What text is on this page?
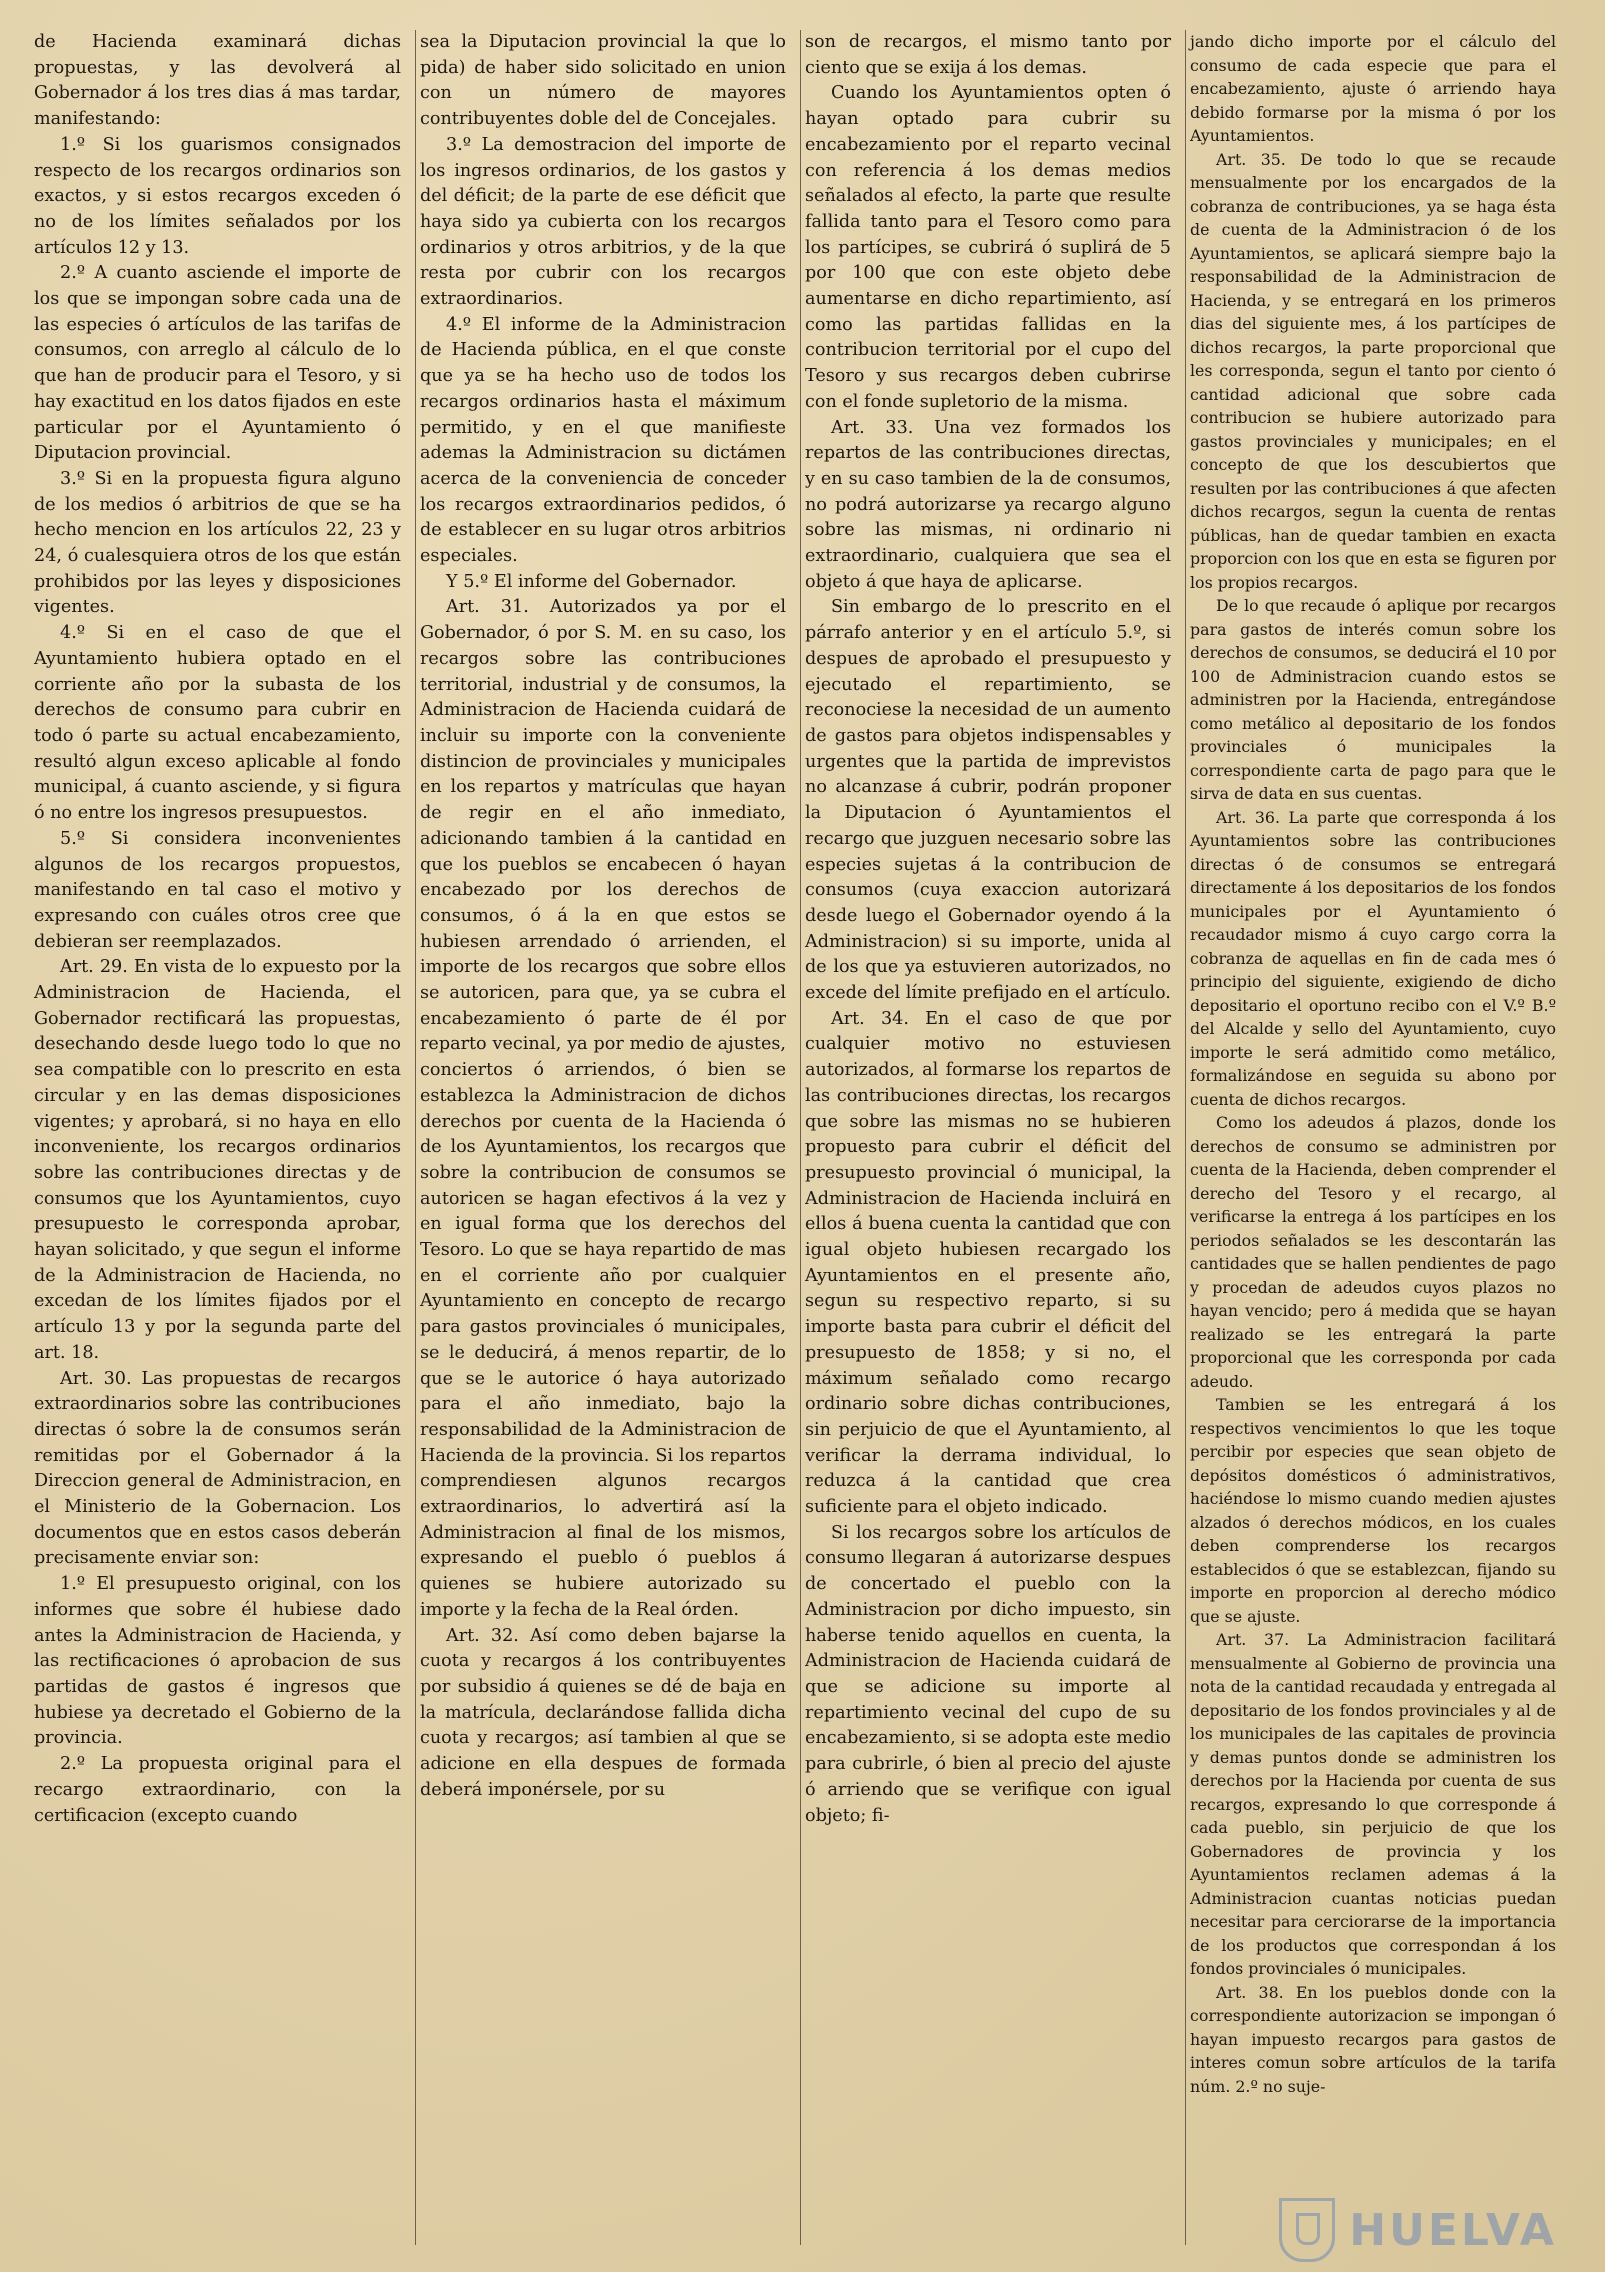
de Hacienda examinará dichas propuestas, y las devolverá al Gobernador á los tres dias á mas tardar, manifestando:

1.º Si los guarismos consignados respecto de los recargos ordinarios son exactos, y si estos recargos exceden ó no de los límites señalados por los artículos 12 y 13.

2.º A cuanto asciende el importe de los que se impongan sobre cada una de las especies ó artículos de las tarifas de consumos, con arreglo al cálculo de lo que han de producir para el Tesoro, y si hay exactitud en los datos fijados en este particular por el Ayuntamiento ó Diputacion provincial.

3.º Si en la propuesta figura alguno de los medios ó arbitrios de que se ha hecho mencion en los artículos 22, 23 y 24, ó cualesquiera otros de los que están prohibidos por las leyes y disposiciones vigentes.

4.º Si en el caso de que el Ayuntamiento hubiera optado en el corriente año por la subasta de los derechos de consumo para cubrir en todo ó parte su actual encabezamiento, resultó algun exceso aplicable al fondo municipal, á cuanto asciende, y si figura ó no entre los ingresos presupuestos.

5.º Si considera inconvenientes algunos de los recargos propuestos, manifestando en tal caso el motivo y expresando con cuáles otros cree que debieran ser reemplazados.

Art. 29. En vista de lo expuesto por la Administracion de Hacienda, el Gobernador rectificará las propuestas, desechando desde luego todo lo que no sea compatible con lo prescrito en esta circular y en las demas disposiciones vigentes; y aprobará, si no haya en ello inconveniente, los recargos ordinarios sobre las contribuciones directas y de consumos que los Ayuntamientos, cuyo presupuesto le corresponda aprobar, hayan solicitado, y que segun el informe de la Administracion de Hacienda, no excedan de los límites fijados por el artículo 13 y por la segunda parte del art. 18.

Art. 30. Las propuestas de recargos extraordinarios sobre las contribuciones directas ó sobre la de consumos serán remitidas por el Gobernador á la Direccion general de Administracion, en el Ministerio de la Gobernacion. Los documentos que en estos casos deberán precisamente enviar son:

1.º El presupuesto original, con los informes que sobre él hubiese dado antes la Administracion de Hacienda, y las rectificaciones ó aprobacion de sus partidas de gastos é ingresos que hubiese ya decretado el Gobierno de la provincia.

2.º La propuesta original para el recargo extraordinario, con la certificacion (excepto cuando

sea la Diputacion provincial la que lo pida) de haber sido solicitado en union con un número de mayores contribuyentes doble del de Concejales.

3.º La demostracion del importe de los ingresos ordinarios, de los gastos y del déficit; de la parte de ese déficit que haya sido ya cubierta con los recargos ordinarios y otros arbitrios, y de la que resta por cubrir con los recargos extraordinarios.

4.º El informe de la Administracion de Hacienda pública, en el que conste que ya se ha hecho uso de todos los recargos ordinarios hasta el máximum permitido, y en el que manifieste ademas la Administracion su dictámen acerca de la conveniencia de conceder los recargos extraordinarios pedidos, ó de establecer en su lugar otros arbitrios especiales.

Y 5.º El informe del Gobernador.

Art. 31. Autorizados ya por el Gobernador, ó por S. M. en su caso, los recargos sobre las contribuciones territorial, industrial y de consumos, la Administracion de Hacienda cuidará de incluir su importe con la conveniente distincion de provinciales y municipales en los repartos y matrículas que hayan de regir en el año inmediato, adicionando tambien á la cantidad en que los pueblos se encabecen ó hayan encabezado por los derechos de consumos, ó á la en que estos se hubiesen arrendado ó arrienden, el importe de los recargos que sobre ellos se autoricen, para que, ya se cubra el encabezamiento ó parte de él por reparto vecinal, ya por medio de ajustes, conciertos ó arriendos, ó bien se establezca la Administracion de dichos derechos por cuenta de la Hacienda ó de los Ayuntamientos, los recargos que sobre la contribucion de consumos se autoricen se hagan efectivos á la vez y en igual forma que los derechos del Tesoro. Lo que se haya repartido de mas en el corriente año por cualquier Ayuntamiento en concepto de recargo para gastos provinciales ó municipales, se le deducirá, á menos repartir, de lo que se le autorice ó haya autorizado para el año inmediato, bajo la responsabilidad de la Administracion de Hacienda de la provincia. Si los repartos comprendiesen algunos recargos extraordinarios, lo advertirá así la Administracion al final de los mismos, expresando el pueblo ó pueblos á quienes se hubiere autorizado su importe y la fecha de la Real órden.

Art. 32. Así como deben bajarse la cuota y recargos á los contribuyentes por subsidio á quienes se dé de baja en la matrícula, declarándose fallida dicha cuota y recargos; así tambien al que se adicione en ella despues de formada deberá imponérsele, por su

son de recargos, el mismo tanto por ciento que se exija á los demas.

Cuando los Ayuntamientos opten ó hayan optado para cubrir su encabezamiento por el reparto vecinal con referencia á los demas medios señalados al efecto, la parte que resulte fallida tanto para el Tesoro como para los partícipes, se cubrirá ó suplirá de 5 por 100 que con este objeto debe aumentarse en dicho repartimiento, así como las partidas fallidas en la contribucion territorial por el cupo del Tesoro y sus recargos deben cubrirse con el fonde supletorio de la misma.

Art. 33. Una vez formados los repartos de las contribuciones directas, y en su caso tambien de la de consumos, no podrá autorizarse ya recargo alguno sobre las mismas, ni ordinario ni extraordinario, cualquiera que sea el objeto á que haya de aplicarse.

Sin embargo de lo prescrito en el párrafo anterior y en el artículo 5.º, si despues de aprobado el presupuesto y ejecutado el repartimiento, se reconociese la necesidad de un aumento de gastos para objetos indispensables y urgentes que la partida de imprevistos no alcanzase á cubrir, podrán proponer la Diputacion ó Ayuntamientos el recargo que juzguen necesario sobre las especies sujetas á la contribucion de consumos (cuya exaccion autorizará desde luego el Gobernador oyendo á la Administracion) si su importe, unida al de los que ya estuvieren autorizados, no excede del límite prefijado en el artículo.

Art. 34. En el caso de que por cualquier motivo no estuviesen autorizados, al formarse los repartos de las contribuciones directas, los recargos que sobre las mismas no se hubieren propuesto para cubrir el déficit del presupuesto provincial ó municipal, la Administracion de Hacienda incluirá en ellos á buena cuenta la cantidad que con igual objeto hubiesen recargado los Ayuntamientos en el presente año, segun su respectivo reparto, si su importe basta para cubrir el déficit del presupuesto de 1858; y si no, el máximum señalado como recargo ordinario sobre dichas contribuciones, sin perjuicio de que el Ayuntamiento, al verificar la derrama individual, lo reduzca á la cantidad que crea suficiente para el objeto indicado.

Si los recargos sobre los artículos de consumo llegaran á autorizarse despues de concertado el pueblo con la Administracion por dicho impuesto, sin haberse tenido aquellos en cuenta, la Administracion de Hacienda cuidará de que se adicione su importe al repartimiento vecinal del cupo de su encabezamiento, si se adopta este medio para cubrirle, ó bien al precio del ajuste ó arriendo que se verifique con igual objeto; fi-

jando dicho importe por el cálculo del consumo de cada especie que para el encabezamiento, ajuste ó arriendo haya debido formarse por la misma ó por los Ayuntamientos.

Art. 35. De todo lo que se recaude mensualmente por los encargados de la cobranza de contribuciones, ya se haga ésta de cuenta de la Administracion ó de los Ayuntamientos, se aplicará siempre bajo la responsabilidad de la Administracion de Hacienda, y se entregará en los primeros dias del siguiente mes, á los partícipes de dichos recargos, la parte proporcional que les corresponda, segun el tanto por ciento ó cantidad adicional que sobre cada contribucion se hubiere autorizado para gastos provinciales y municipales; en el concepto de que los descubiertos que resulten por las contribuciones á que afecten dichos recargos, segun la cuenta de rentas públicas, han de quedar tambien en exacta proporcion con los que en esta se figuren por los propios recargos.

De lo que recaude ó aplique por recargos para gastos de interés comun sobre los derechos de consumos, se deducirá el 10 por 100 de Administracion cuando estos se administren por la Hacienda, entregándose como metálico al depositario de los fondos provinciales ó municipales la correspondiente carta de pago para que le sirva de data en sus cuentas.

Art. 36. La parte que corresponda á los Ayuntamientos sobre las contribuciones directas ó de consumos se entregará directamente á los depositarios de los fondos municipales por el Ayuntamiento ó recaudador mismo á cuyo cargo corra la cobranza de aquellas en fin de cada mes ó principio del siguiente, exigiendo de dicho depositario el oportuno recibo con el V.º B.º del Alcalde y sello del Ayuntamiento, cuyo importe le será admitido como metálico, formalizándose en seguida su abono por cuenta de dichos recargos.

Como los adeudos á plazos, donde los derechos de consumo se administren por cuenta de la Hacienda, deben comprender el derecho del Tesoro y el recargo, al verificarse la entrega á los partícipes en los periodos señalados se les descontarán las cantidades que se hallen pendientes de pago y procedan de adeudos cuyos plazos no hayan vencido; pero á medida que se hayan realizado se les entregará la parte proporcional que les corresponda por cada adeudo.

Tambien se les entregará á los respectivos vencimientos lo que les toque percibir por especies que sean objeto de depósitos domésticos ó administrativos, haciéndose lo mismo cuando medien ajustes alzados ó derechos módicos, en los cuales deben comprenderse los recargos establecidos ó que se establezcan, fijando su importe en proporcion al derecho módico que se ajuste.

Art. 37. La Administracion facilitará mensualmente al Gobierno de provincia una nota de la cantidad recaudada y entregada al depositario de los fondos provinciales y al de los municipales de las capitales de provincia y demas puntos donde se administren los derechos por la Hacienda por cuenta de sus recargos, expresando lo que corresponde á cada pueblo, sin perjuicio de que los Gobernadores de provincia y los Ayuntamientos reclamen ademas á la Administracion cuantas noticias puedan necesitar para cerciorarse de la importancia de los productos que correspondan á los fondos provinciales ó municipales.

Art. 38. En los pueblos donde con la correspondiente autorizacion se impongan ó hayan impuesto recargos para gastos de interes comun sobre artículos de la tarifa núm. 2.º no suje-

HUELVA
